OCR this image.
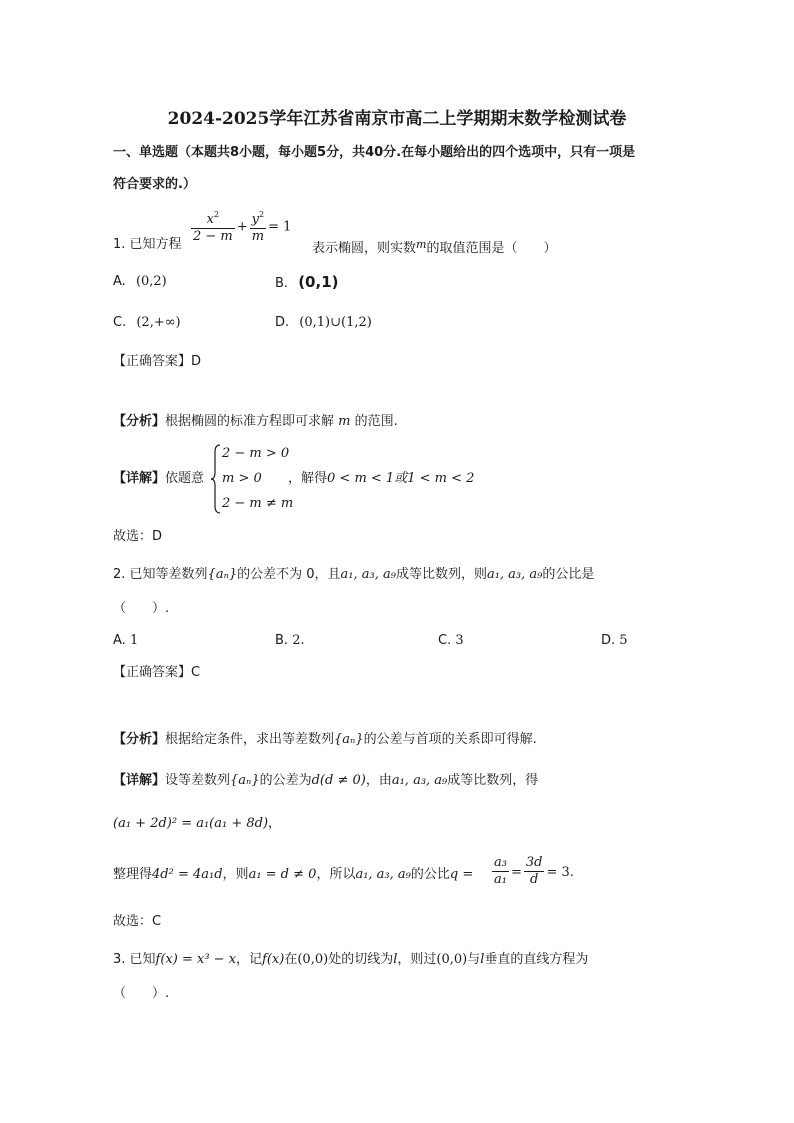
2024-2025学年江苏省南京市高二上学期期末数学检测试卷
一、单选题（本题共8小题，每小题5分，共40分.在每小题给出的四个选项中，只有一项是
符合要求的.）
1. 已知方程 $\frac{x^2}{2 - m} + \frac{y^2}{m} = 1$
表示椭圆，则实数$^m$的取值范围是（　　）
A. (0,2)	B. (0,1)
C. (2,+∞)	D. (0,1)∪(1,2)
【正确答案】D
【分析】根据椭圆的标准方程即可求解 m 的范围.
【详解】依题意
2 − m > 0
m > 0
2 − m ≠ m
，解得0 < m < 1或1 < m < 2
故选：D
2. 已知等差数列{aₙ}的公差不为 0，且a₁, a₃, a₉成等比数列，则a₁, a₃, a₉的公比是
（　　）.
A. 1	B. 2.	C. 3	D. 5
【正确答案】C
【分析】根据给定条件，求出等差数列{aₙ}的公差与首项的关系即可得解.
【详解】设等差数列{aₙ}的公差为d(d ≠ 0)，由a₁, a₃, a₉成等比数列，得
(a₁ + 2d)² = a₁(a₁ + 8d)，
整理得4d² = 4a₁d，则a₁ = d ≠ 0，所以a₁, a₃, a₉的公比$q = \frac{\text{a₃}}{\text{a₁}} = \frac{3d}{d} = 3$.
故选：C
3. 已知f(x) = x³ − x，记f(x)在(0,0)处的切线为l，则过(0,0)与l垂直的直线方程为
（　　）.
